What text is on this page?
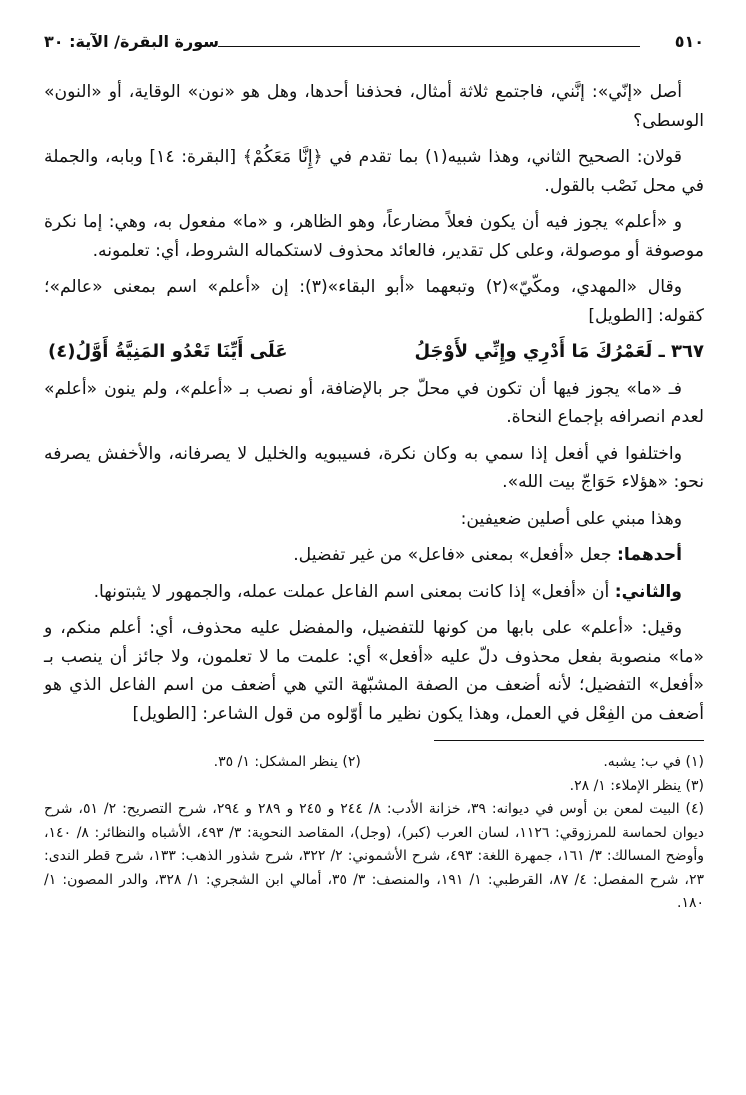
٥١٠
سورة البقرة/ الآية: ٣٠

أصل «إنّي»: إنَّني، فاجتمع ثلاثة أمثال، فحذفنا أحدها، وهل هو «نون» الوقاية، أو «النون» الوسطى؟

قولان: الصحيح الثاني، وهذا شبيه(١) بما تقدم في ﴿إِنَّا مَعَكُمْ﴾ [البقرة: ١٤] وبابه، والجملة في محل نَصْب بالقول.

و «أعلم» يجوز فيه أن يكون فعلاً مضارعاً، وهو الظاهر، و «ما» مفعول به، وهي: إما نكرة موصوفة أو موصولة، وعلى كل تقدير، فالعائد محذوف لاستكماله الشروط، أي: تعلمونه.

وقال «المهدي، ومكّيّ»(٢) وتبعهما «أبو البقاء»(٣): إن «أعلم» اسم بمعنى «عالم»؛ كقوله: [الطويل]

٣٦٧ ـ لَعَمْرُكَ مَا أَدْرِي وإِنِّي لأَوْجَلُ
عَلَى أَيِّنَا تَعْدُو المَنِيَّةُ أَوَّلُ(٤)

فـ «ما» يجوز فيها أن تكون في محلّ جر بالإضافة، أو نصب بـ «أعلم»، ولم ينون «أعلم» لعدم انصرافه بإجماع النحاة.

واختلفوا في أفعل إذا سمي به وكان نكرة، فسيبويه والخليل لا يصرفانه، والأخفش يصرفه نحو: «هؤلاء حَوَاجّ بيت الله».

وهذا مبني على أصلين ضعيفين:

أحدهما: جعل «أفعل» بمعنى «فاعل» من غير تفضيل.

والثاني: أن «أفعل» إذا كانت بمعنى اسم الفاعل عملت عمله، والجمهور لا يثبتونها.

وقيل: «أعلم» على بابها من كونها للتفضيل، والمفضل عليه محذوف، أي: أعلم منكم، و «ما» منصوبة بفعل محذوف دلّ عليه «أفعل» أي: علمت ما لا تعلمون، ولا جائز أن ينصب بـ «أفعل» التفضيل؛ لأنه أضعف من الصفة المشبّهة التي هي أضعف من اسم الفاعل الذي هو أضعف من الفِعْل في العمل، وهذا يكون نظير ما أوّلوه من قول الشاعر: [الطويل]

(١) في ب: يشبه.
(٢) ينظر المشكل: ١/ ٣٥.

(٣) ينظر الإملاء: ١/ ٢٨.

(٤) البيت لمعن بن أوس في ديوانه: ٣٩، خزانة الأدب: ٨/ ٢٤٤ و ٢٤٥ و ٢٨٩ و ٢٩٤، شرح التصريح: ٢/ ٥١، شرح ديوان لحماسة للمرزوقي: ١١٢٦، لسان العرب (كبر)، (وجل)، المقاصد النحوية: ٣/ ٤٩٣، الأشباه والنظائر: ٨/ ١٤٠، وأوضح المسالك: ٣/ ١٦١، جمهرة اللغة: ٤٩٣، شرح الأشموني: ٢/ ٣٢٢، شرح شذور الذهب: ١٣٣، شرح قطر الندى: ٢٣، شرح المفصل: ٤/ ٨٧، القرطبي: ١/ ١٩١، والمنصف: ٣/ ٣٥، أمالي ابن الشجري: ١/ ٣٢٨، والدر المصون: ١/ ١٨٠.
